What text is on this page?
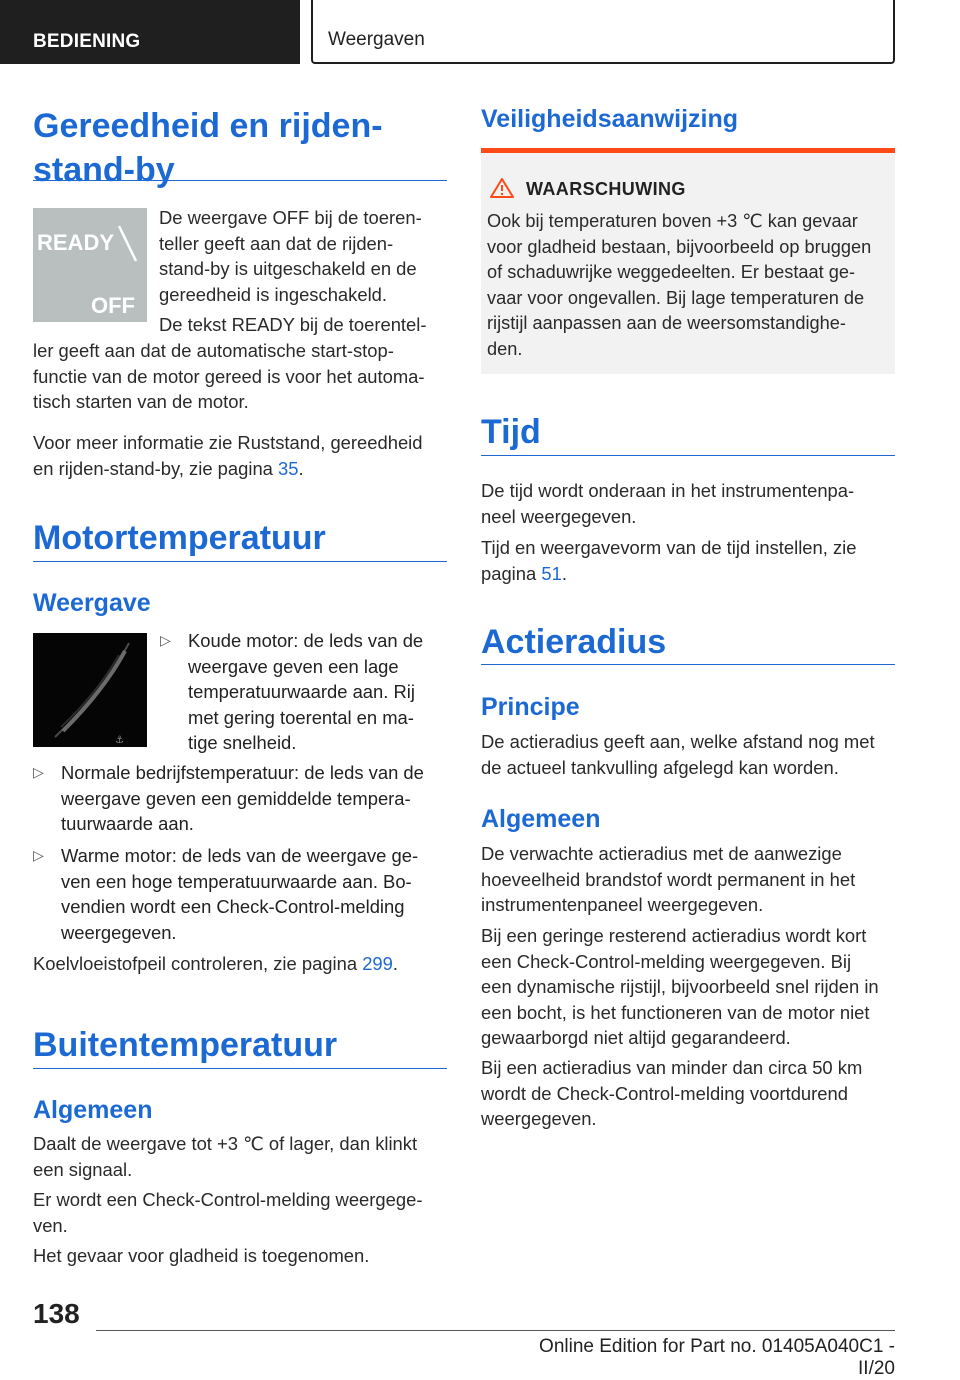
BEDIENING	Weergaven
Gereedheid en rijden-
stand-by
READY
OFF

De weergave OFF bij de toeren-
teller geeft aan dat de rijden-
stand-by is uitgeschakeld en de
gereedheid is ingeschakeld.

De tekst READY bij de toerentel-

ler geeft aan dat de automatische start-stop-
functie van de motor gereed is voor het automa-
tisch starten van de motor.

Voor meer informatie zie Ruststand, gereedheid
en rijden-stand-by, zie pagina 35.

Motortemperatuur
Weergave
⚓
▷ Koude motor: de leds van de
weergave geven een lage
temperatuurwaarde aan. Rij
met gering toerental en ma-
tige snelheid.
▷ Normale bedrijfstemperatuur: de leds van de
weergave geven een gemiddelde tempera-
tuurwaarde aan.
▷ Warme motor: de leds van de weergave ge-
ven een hoge temperatuurwaarde aan. Bo-
vendien wordt een Check-Control-melding
weergegeven.

Koelvloeistofpeil controleren, zie pagina 299.

Buitentemperatuur
Algemeen

Daalt de weergave tot +3 ℃ of lager, dan klinkt
een signaal.

Er wordt een Check-Control-melding weergege-
ven.

Het gevaar voor gladheid is toegenomen.

Veiligheidsaanwijzing
WAARSCHUWING

Ook bij temperaturen boven +3 ℃ kan gevaar
voor gladheid bestaan, bijvoorbeeld op bruggen
of schaduwrijke weggedeelten. Er bestaat ge-
vaar voor ongevallen. Bij lage temperaturen de
rijstijl aanpassen aan de weersomstandighe-
den.

Tijd

De tijd wordt onderaan in het instrumentenpa-
neel weergegeven.

Tijd en weergavevorm van de tijd instellen, zie
pagina 51.

Actieradius
Principe

De actieradius geeft aan, welke afstand nog met
de actueel tankvulling afgelegd kan worden.

Algemeen

De verwachte actieradius met de aanwezige
hoeveelheid brandstof wordt permanent in het
instrumentenpaneel weergegeven.

Bij een geringe resterend actieradius wordt kort
een Check-Control-melding weergegeven. Bij
een dynamische rijstijl, bijvoorbeeld snel rijden in
een bocht, is het functioneren van de motor niet
gewaarborgd niet altijd gegarandeerd.

Bij een actieradius van minder dan circa 50 km
wordt de Check-Control-melding voortdurend
weergegeven.

138
Online Edition for Part no. 01405A040C1 - II/20
